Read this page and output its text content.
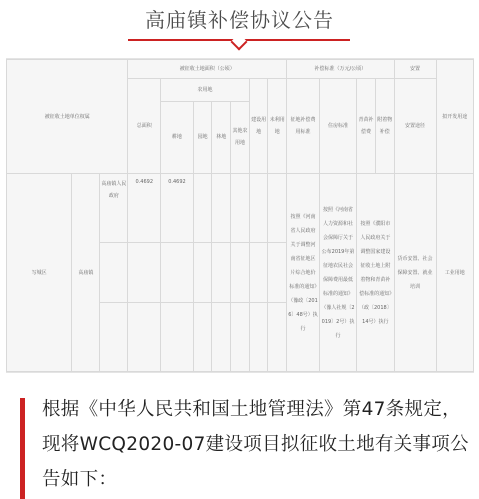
高庙镇补偿协议公告
被征收土地单位权属			被征收土地面积（公顷）							补偿标准（万元/公顷）				安置	拟开发用途
			总面积	农用地				建设用地	未利用地	征地补偿费用标准	住房标准	青苗补偿费	附着物补偿	安置途径	
				耕地	园地	林地	其他农用地								

写城区	高庙镇	高庙镇人民政府	0.4692	0.4692						按照《河南省人民政府关于调整河南省征地区片综合地价标准的通知》（豫政〔2016〕48号）执行	按照《河南省人力资源和社会保障厅关于公布2019年第征地农民社会保障费用最低标准的通知》（豫人社规〔2019〕2号）执行	按照《濮阳市人民政府关于调整国家建设征收土地上附着物和青苗补偿标准的通知》（政〔2018〕14号）执行		货币安置、社会保障安置、就业培训	工业用地

根据《中华人民共和国土地管理法》第47条规定，现将WCQ2020-07建设项目拟征收土地有关事项公告如下：
